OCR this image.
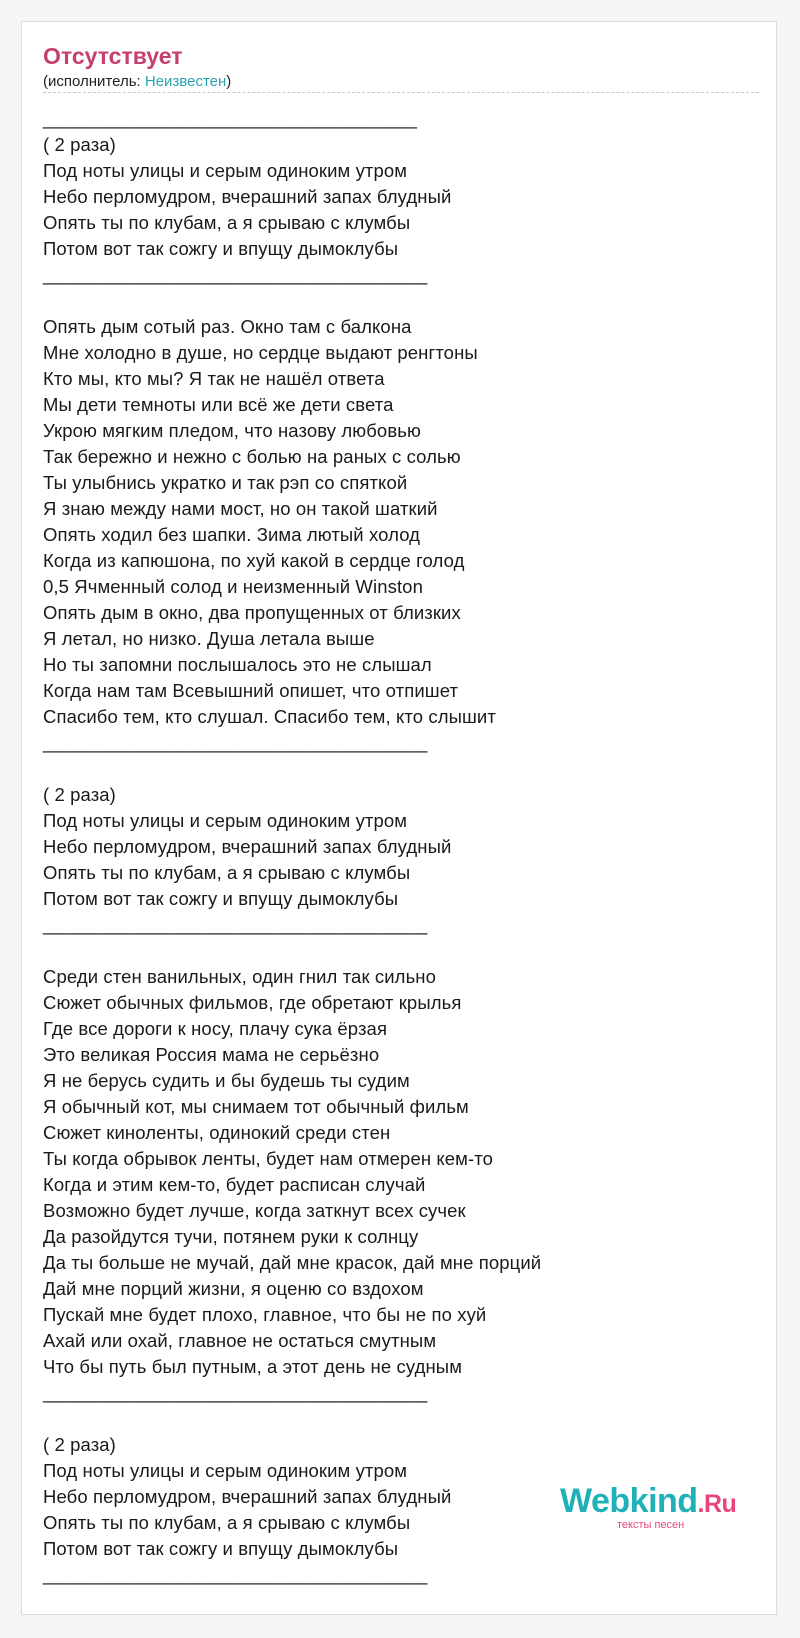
Отсутствует
(исполнитель: Неизвестен)
____________________________________
( 2 раза)
Под ноты улицы и серым одиноким утром
Небо перломудром, вчерашний запах блудный
Опять ты по клубам, а я срываю с клумбы
Потом вот так сожгу и впущу дымоклубы
_____________________________________

Опять дым сотый раз. Окно там с балкона
Мне холодно в душе, но сердце выдают ренгтоны
Кто мы, кто мы? Я так не нашёл ответа
Мы дети темноты или всё же дети света
Укрою мягким пледом, что назову любовью
Так бережно и нежно с болью на раных с солью
Ты улыбнись украткo и так рэп со спяткой
Я знаю между нами мост, но он такой шаткий
Опять ходил без шапки. Зима лютый холод
Когда из капюшона, по хуй какой в сердце голод
0,5 Ячменный солод и неизменный Winston
Опять дым в окно, два пропущенных от близких
Я летал, но низко. Душа летала выше
Но ты запомни послышалось это не слышал
Когда нам там Всевышний опишет, что отпишет
Спасибо тем, кто слушал. Спасибо тем, кто слышит
_____________________________________

( 2 раза)
Под ноты улицы и серым одиноким утром
Небо перломудром, вчерашний запах блудный
Опять ты по клубам, а я срываю с клумбы
Потом вот так сожгу и впущу дымоклубы
_____________________________________

Среди стен ванильных, один гнил так сильно
Сюжет обычных фильмов, где обретают крылья
Где все дороги к носу, плачу сука ёрзая
Это великая Россия мама не серьёзно
Я не берусь судить и бы будешь ты судим
Я обычный кот, мы снимаем тот обычный фильм
Сюжет киноленты, одинокий среди стен
Ты когда обрывок ленты, будет нам отмерен кем-то
Когда и этим кем-то, будет расписан случай
Возможно будет лучше, когда заткнут всех сучек
Да разойдутся тучи, потянем руки к солнцу
Да ты больше не мучай, дай мне красок, дай мне порций
Дай мне порций жизни, я оценю со вздохом
Пускай мне будет плохо, главное, что бы не по хуй
Ахай или охай, главное не остаться смутным
Что бы путь был путным, а этот день не судным
_____________________________________

( 2 раза)
Под ноты улицы и серым одиноким утром
Небо перломудром, вчерашний запах блудный
Опять ты по клубам, а я срываю с клумбы
Потом вот так сожгу и впущу дымоклубы
_____________________________________
Webkind.Ru
тексты песен
